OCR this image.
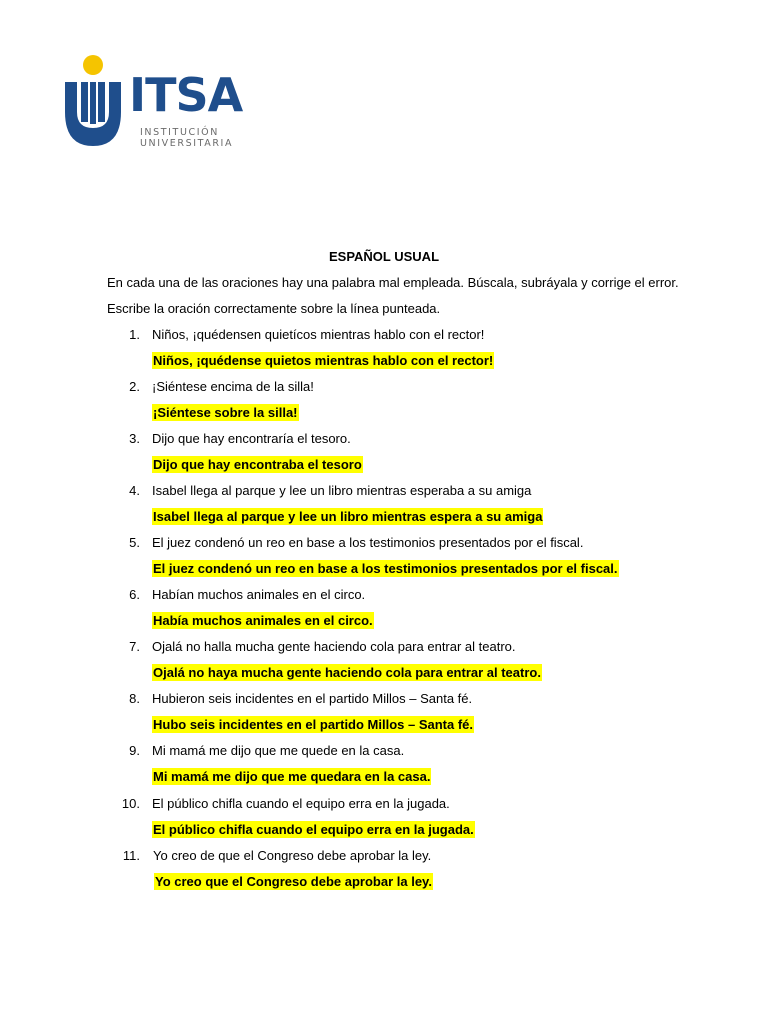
ITSA
INSTITUCIÓN
UNIVERSITARIA
ESPAÑOL USUAL
En cada una de las oraciones hay una palabra mal empleada. Búscala, subráyala y corrige el error.
Escribe la oración correctamente sobre la línea punteada.
1. Niños, ¡quédensen quietícos mientras hablo con el rector!
Niños, ¡quédense quietos mientras hablo con el rector!
2. ¡Siéntese encima de la silla!
¡Siéntese sobre la silla!
3. Dijo que hay encontraría el tesoro.
Dijo que hay encontraba el tesoro
4. Isabel llega al parque y lee un libro mientras esperaba a su amiga
Isabel llega al parque y lee un libro mientras espera a su amiga
5. El juez condenó un reo en base a los testimonios presentados por el fiscal.
El juez condenó un reo en base a los testimonios presentados por el fiscal.
6. Habían muchos animales en el circo.
Había muchos animales en el circo.
7. Ojalá no halla mucha gente haciendo cola para entrar al teatro.
Ojalá no haya mucha gente haciendo cola para entrar al teatro.
8. Hubieron seis incidentes en el partido Millos – Santa fé.
Hubo seis incidentes en el partido Millos – Santa fé.
9. Mi mamá me dijo que me quede en la casa.
Mi mamá me dijo que me quedara en la casa.
10. El público chifla cuando el equipo erra en la jugada.
El público chifla cuando el equipo erra en la jugada.
11. Yo creo de que el Congreso debe aprobar la ley.
Yo creo que el Congreso debe aprobar la ley.
